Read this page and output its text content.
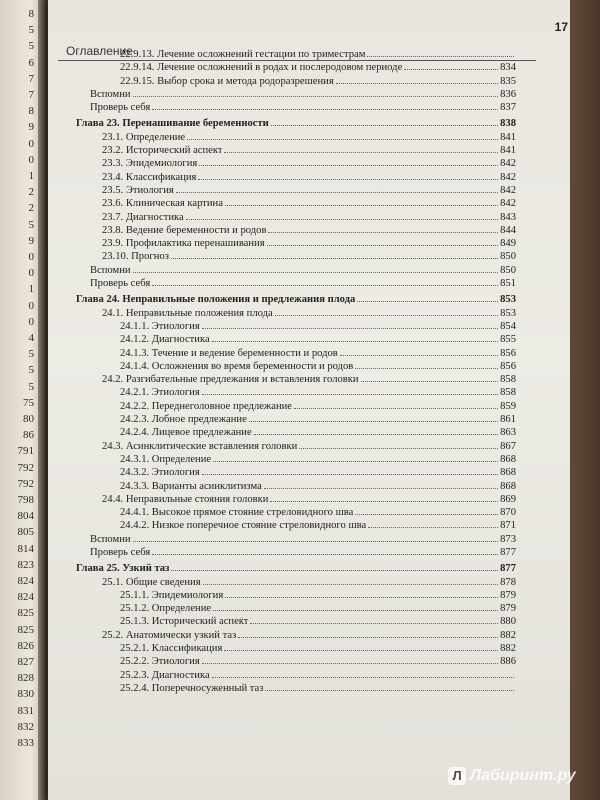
8
5
5
6
7
7
8
9
0
0
1
2
2
5
9
0
0
1
0
0
4
5
5
5
75
80
86
791
792
792
798
804
805
814
823
824
824
825
825
826
827
828
830
831
832
833
17
Оглавление
22.9.13. Лечение осложнений гестации по триместрам
22.9.14. Лечение осложнений в родах и послеродовом периоде	834
22.9.15. Выбор срока и метода родоразрешения	835
Вспомни	836
Проверь себя	837
Глава 23. Перенашивание беременности	838
23.1. Определение	841
23.2. Исторический аспект	841
23.3. Эпидемиология	842
23.4. Классификация	842
23.5. Этиология	842
23.6. Клиническая картина	842
23.7. Диагностика	843
23.8. Ведение беременности и родов	844
23.9. Профилактика перенашивания	849
23.10. Прогноз	850
Вспомни	850
Проверь себя	851
Глава 24. Неправильные положения и предлежания плода	853
24.1. Неправильные положения плода	853
24.1.1. Этиология	854
24.1.2. Диагностика	855
24.1.3. Течение и ведение беременности и родов	856
24.1.4. Осложнения во время беременности и родов	856
24.2. Разгибательные предлежания и вставления головки	858
24.2.1. Этиология	858
24.2.2. Переднеголовное предлежание	859
24.2.3. Лобное предлежание	861
24.2.4. Лицевое предлежание	863
24.3. Асинклитические вставления головки	867
24.3.1. Определение	868
24.3.2. Этиология	868
24.3.3. Варианты асинклитизма	868
24.4. Неправильные стояния головки	869
24.4.1. Высокое прямое стояние стреловидного шва	870
24.4.2. Низкое поперечное стояние стреловидного шва	871
Вспомни	873
Проверь себя	877
Глава 25. Узкий таз	877
25.1. Общие сведения	878
25.1.1. Эпидемиология	879
25.1.2. Определение	879
25.1.3. Исторический аспект	880
25.2. Анатомически узкий таз	882
25.2.1. Классификация	882
25.2.2. Этиология	886
25.2.3. Диагностика
25.2.4. Поперечносуженный таз
Л Лабиринт.ру
